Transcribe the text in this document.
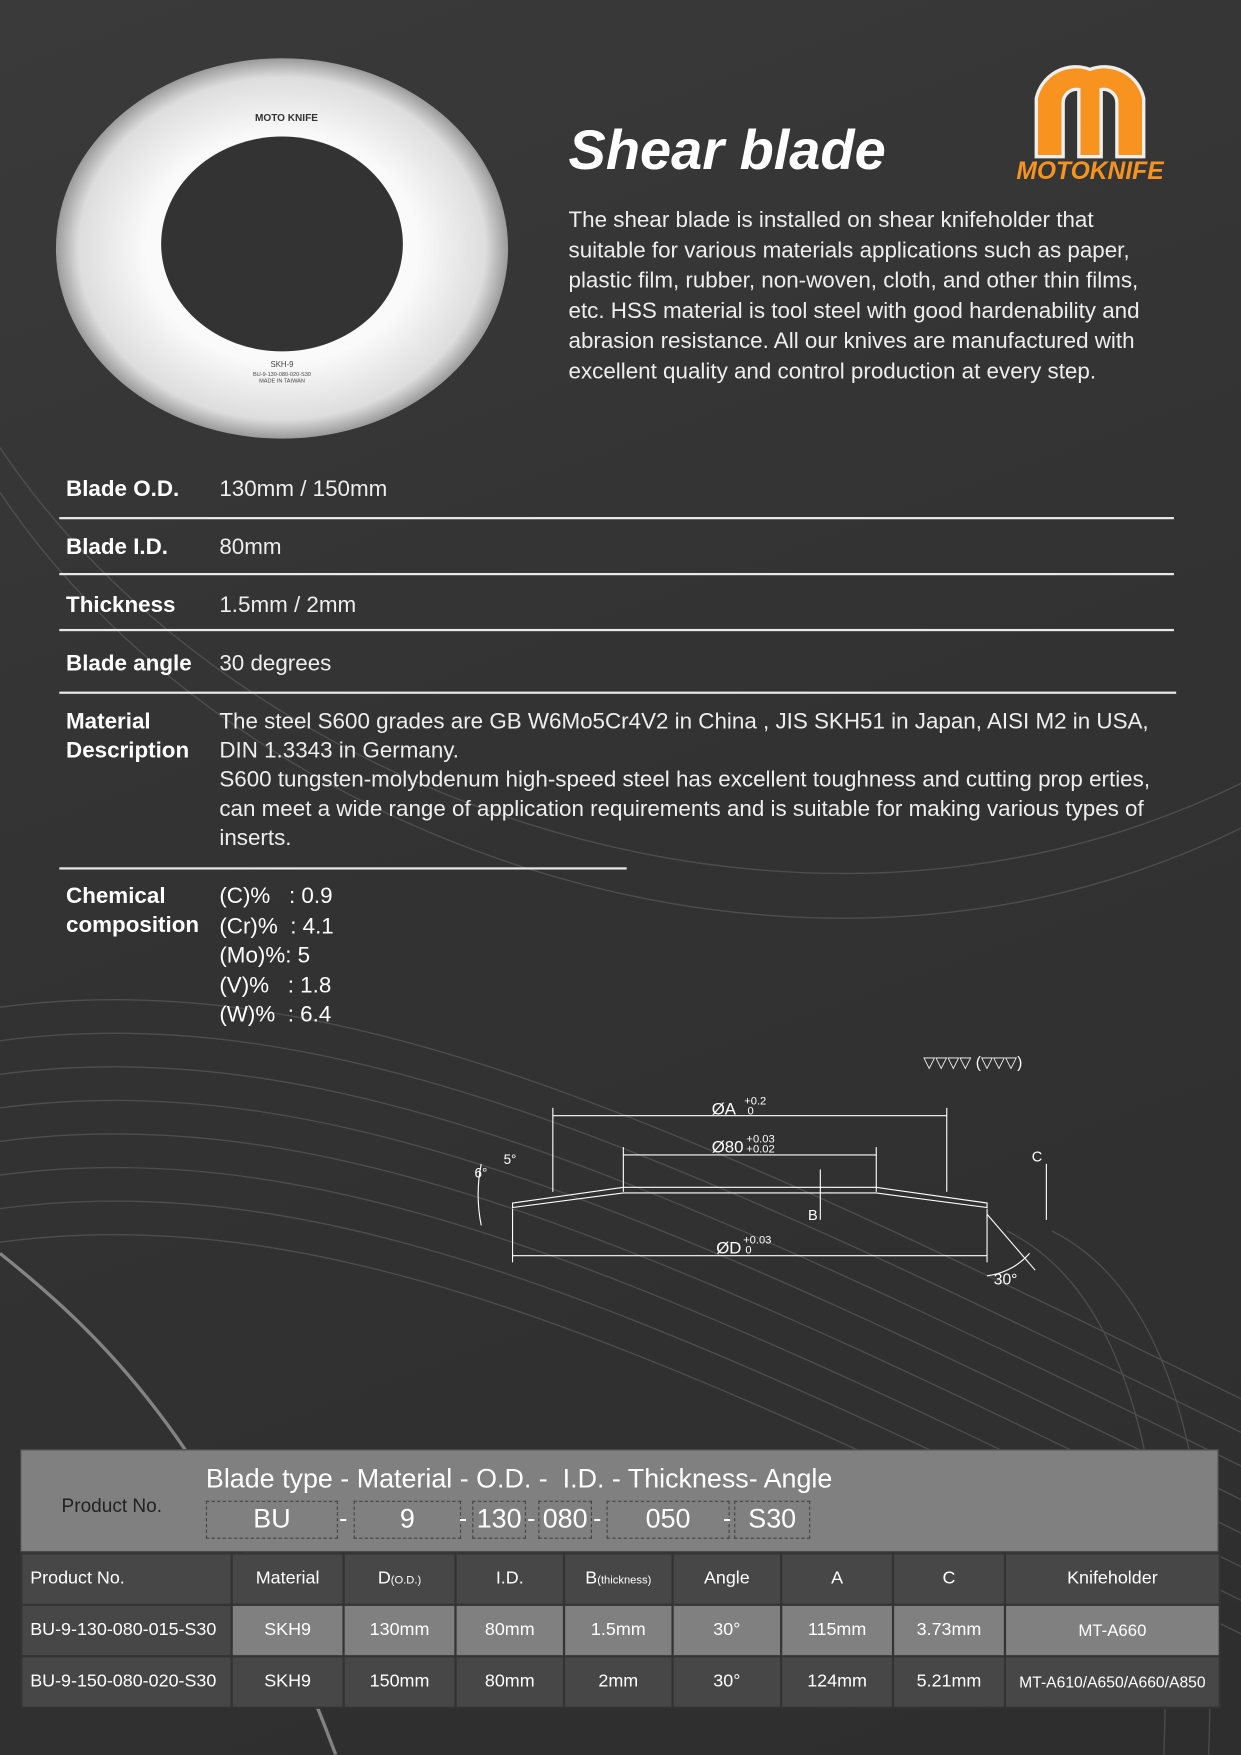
MOTO KNIFE
SKH-9
BU-9-130-080-020-S30
MADE IN TAIWAN
Shear blade	MOTOKNIFE
The shear blade is installed on shear knifeholder that suitable for various materials applications such as paper, plastic film, rubber, non-woven, cloth, and other thin films, etc. HSS material is tool steel with good hardenability and abrasion resistance. All our knives are manufactured with excellent quality and control production at every step.
Blade O.D. 130mm / 150mm
Blade I.D.	80mm
Thickness 1.5mm / 2mm
Blade angle 30 degrees
Material Description
The steel S600 grades are GB W6Mo5Cr4V2 in China , JIS SKH51 in Japan, AISI M2 in USA, DIN 1.3343 in Germany.
S600 tungsten-molybdenum high-speed steel has excellent toughness and cutting prop erties, can meet a wide range of application requirements and is suitable for making various types of inserts.
Chemical composition
(C)%   : 0.9
(Cr)%  : 4.1
(Mo)%: 5
(V)%   : 1.8
(W)%  : 6.4
▽▽▽▽ (▽▽▽)
ØA +0.2
0
Ø80 +0.03
+0.02
ØD +0.03
0
B
C
6°
5°
30°
Product No.
Blade type - Material - O.D. -  I.D. - Thickness- Angle
BU	-	9	- 130 - 080 -	050	- S30
Product No.	Material	D(O.D.)	I.D.	B(thickness)	Angle	A	C	Knifeholder
BU-9-130-080-015-S30	SKH9	130mm	80mm	1.5mm	30°	115mm	3.73mm	MT-A660
BU-9-150-080-020-S30	SKH9	150mm	80mm	2mm	30°	124mm	5.21mm	MT-A610/A650/A660/A850
